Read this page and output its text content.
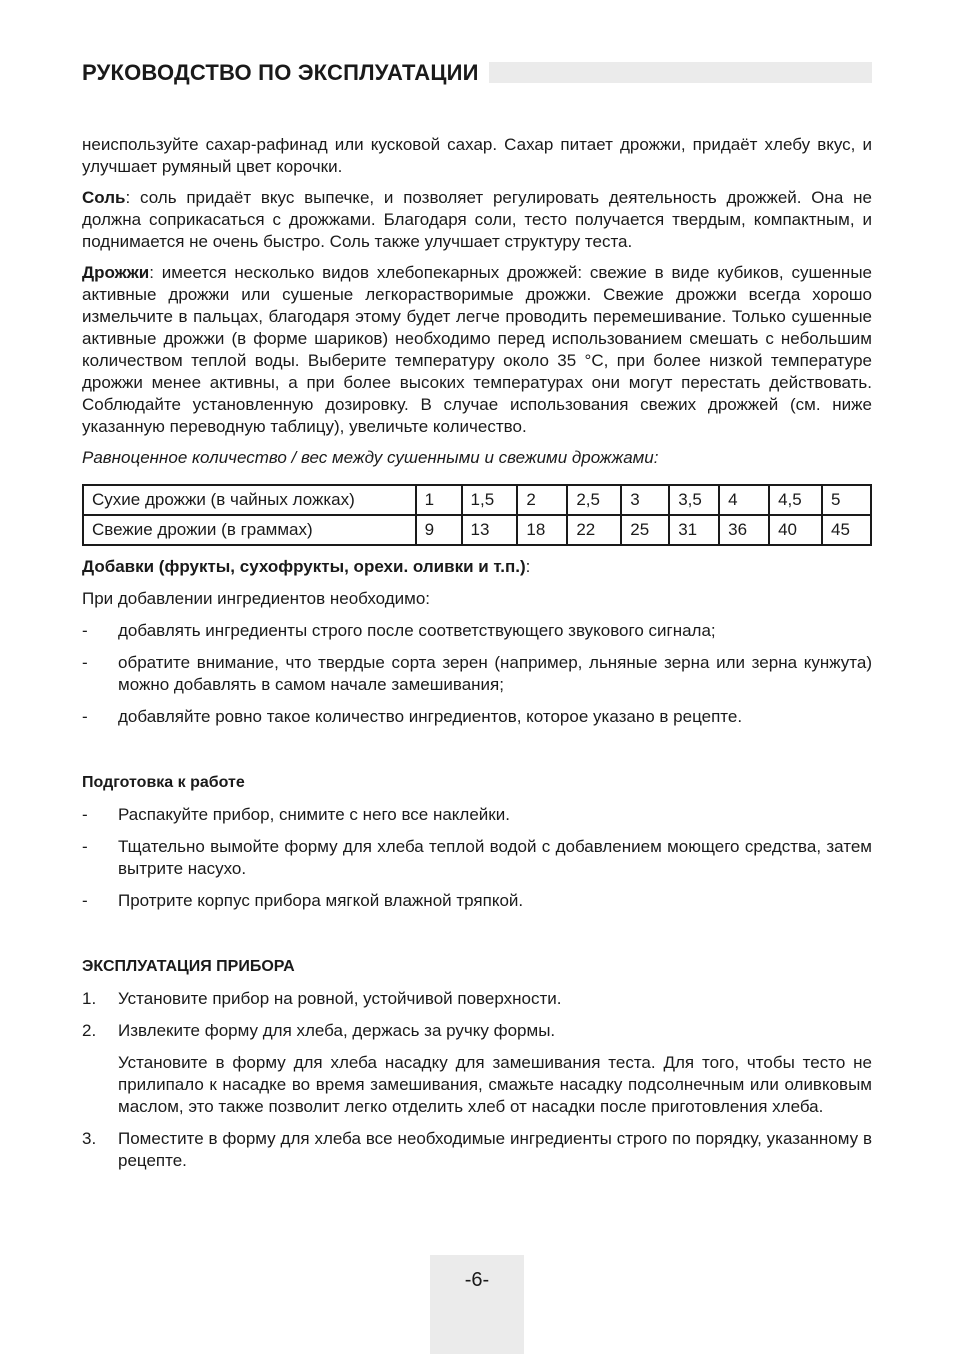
РУКОВОДСТВО ПО ЭКСПЛУАТАЦИИ

неиспользуйте сахар-рафинад или кусковой сахар. Сахар питает дрожжи, придаёт хлебу вкус, и улучшает румяный цвет корочки.

Соль: соль придаёт вкус выпечке, и позволяет регулировать деятельность дрожжей. Она не должна соприкасаться с дрожжами. Благодаря соли, тесто получается твердым, компактным, и поднимается не очень быстро. Соль также улучшает структуру теста.

Дрожжи: имеется несколько видов хлебопекарных дрожжей: свежие в виде кубиков, сушенные активные дрожжи или сушеные легкорастворимые дрожжи. Свежие дрожжи всегда хорошо измельчите в пальцах, благодаря этому будет легче проводить перемешивание. Только сушенные активные дрожжи (в форме шариков) необходимо перед использованием смешать с небольшим количеством теплой воды. Выберите температуру около 35 °С, при более низкой температуре дрожжи менее активны, а при более высоких температурах они могут перестать действовать. Соблюдайте установленную дозировку. В случае использования свежих дрожжей (см. ниже указанную переводную таблицу), увеличьте количество.

Равноценное количество / вес между сушенными и свежими дрожжами:

Сухие дрожжи (в чайных ложках)	1	1,5	2	2,5	3	3,5	4	4,5	5
Свежие дрожии (в граммах)	9	13	18	22	25	31	36	40	45

Добавки (фрукты, сухофрукты, орехи. оливки и т.п.):

При добавлении ингредиентов необходимо:

- добавлять ингредиенты строго после соответствующего звукового сигнала;
- обратите внимание, что твердые сорта зерен (например, льняные зерна или зерна кунжута) можно добавлять в самом начале замешивания;
- добавляйте ровно такое количество ингредиентов, которое указано в рецепте.
Подготовка к работе
- Распакуйте прибор, снимите с него все наклейки.
- Тщательно вымойте форму для хлеба теплой водой с добавлением моющего средства, затем вытрите насухо.
- Протрите корпус прибора мягкой влажной тряпкой.
ЭКСПЛУАТАЦИЯ ПРИБОРА
1. Установите прибор на ровной, устойчивой поверхности.
2. Извлеките форму для хлеба, держась за ручку формы.

Установите в форму для хлеба насадку для замешивания теста. Для того, чтобы тесто не прилипало к насадке во время замешивания, смажьте насадку подсолнечным или оливковым маслом, это также позволит легко отделить хлеб от насадки после приготовления хлеба.

3. Поместите в форму для хлеба все необходимые ингредиенты строго по порядку, указанному в рецепте.
-6-
